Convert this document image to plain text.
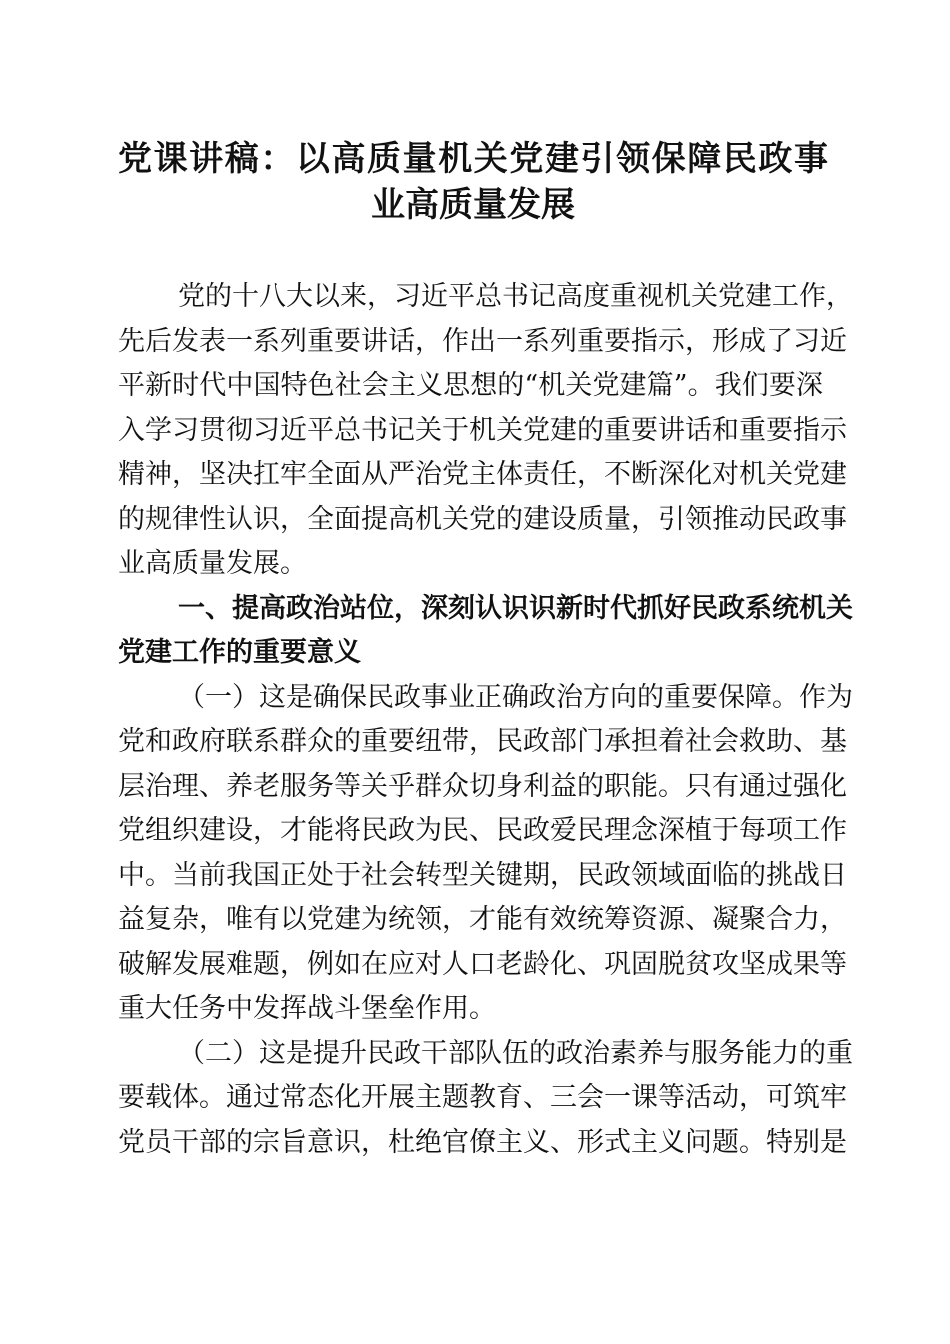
党课讲稿：以高质量机关党建引领保障民政事
业高质量发展
党的十八大以来，习近平总书记高度重视机关党建工作，
先后发表一系列重要讲话，作出一系列重要指示，形成了习近
平新时代中国特色社会主义思想的“机关党建篇”。我们要深
入学习贯彻习近平总书记关于机关党建的重要讲话和重要指示
精神，坚决扛牢全面从严治党主体责任，不断深化对机关党建
的规律性认识，全面提高机关党的建设质量，引领推动民政事
业高质量发展。
一、提高政治站位，深刻认识识新时代抓好民政系统机关
党建工作的重要意义
（一）这是确保民政事业正确政治方向的重要保障。作为
党和政府联系群众的重要纽带，民政部门承担着社会救助、基
层治理、养老服务等关乎群众切身利益的职能。只有通过强化
党组织建设，才能将民政为民、民政爱民理念深植于每项工作
中。当前我国正处于社会转型关键期，民政领域面临的挑战日
益复杂，唯有以党建为统领，才能有效统筹资源、凝聚合力，
破解发展难题，例如在应对人口老龄化、巩固脱贫攻坚成果等
重大任务中发挥战斗堡垒作用。
（二）这是提升民政干部队伍的政治素养与服务能力的重
要载体。通过常态化开展主题教育、三会一课等活动，可筑牢
党员干部的宗旨意识，杜绝官僚主义、形式主义问题。特别是
